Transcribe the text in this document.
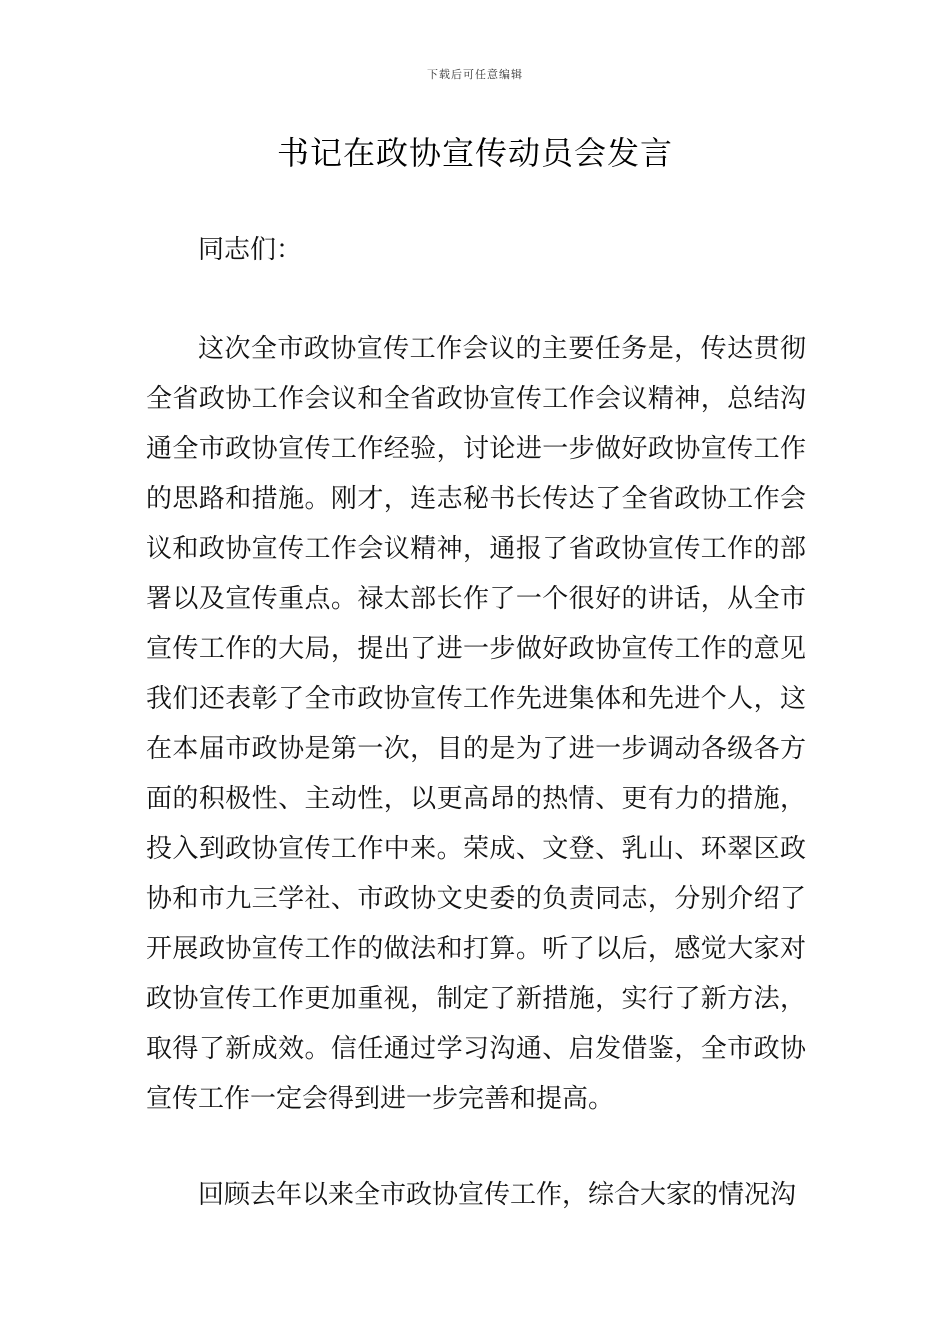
下载后可任意编辑
书记在政协宣传动员会发言

同志们：

这次全市政协宣传工作会议的主要任务是，传达贯彻全省政协工作会议和全省政协宣传工作会议精神，总结沟通全市政协宣传工作经验，讨论进一步做好政协宣传工作的思路和措施。刚才，连志秘书长传达了全省政协工作会议和政协宣传工作会议精神，通报了省政协宣传工作的部署以及宣传重点。禄太部长作了一个很好的讲话，从全市宣传工作的大局，提出了进一步做好政协宣传工作的意见我们还表彰了全市政协宣传工作先进集体和先进个人，这在本届市政协是第一次，目的是为了进一步调动各级各方面的积极性、主动性，以更高昂的热情、更有力的措施，投入到政协宣传工作中来。荣成、文登、乳山、环翠区政协和市九三学社、市政协文史委的负责同志，分别介绍了开展政协宣传工作的做法和打算。听了以后，感觉大家对政协宣传工作更加重视，制定了新措施，实行了新方法，取得了新成效。信任通过学习沟通、启发借鉴，全市政协宣传工作一定会得到进一步完善和提高。

回顾去年以来全市政协宣传工作，综合大家的情况沟
